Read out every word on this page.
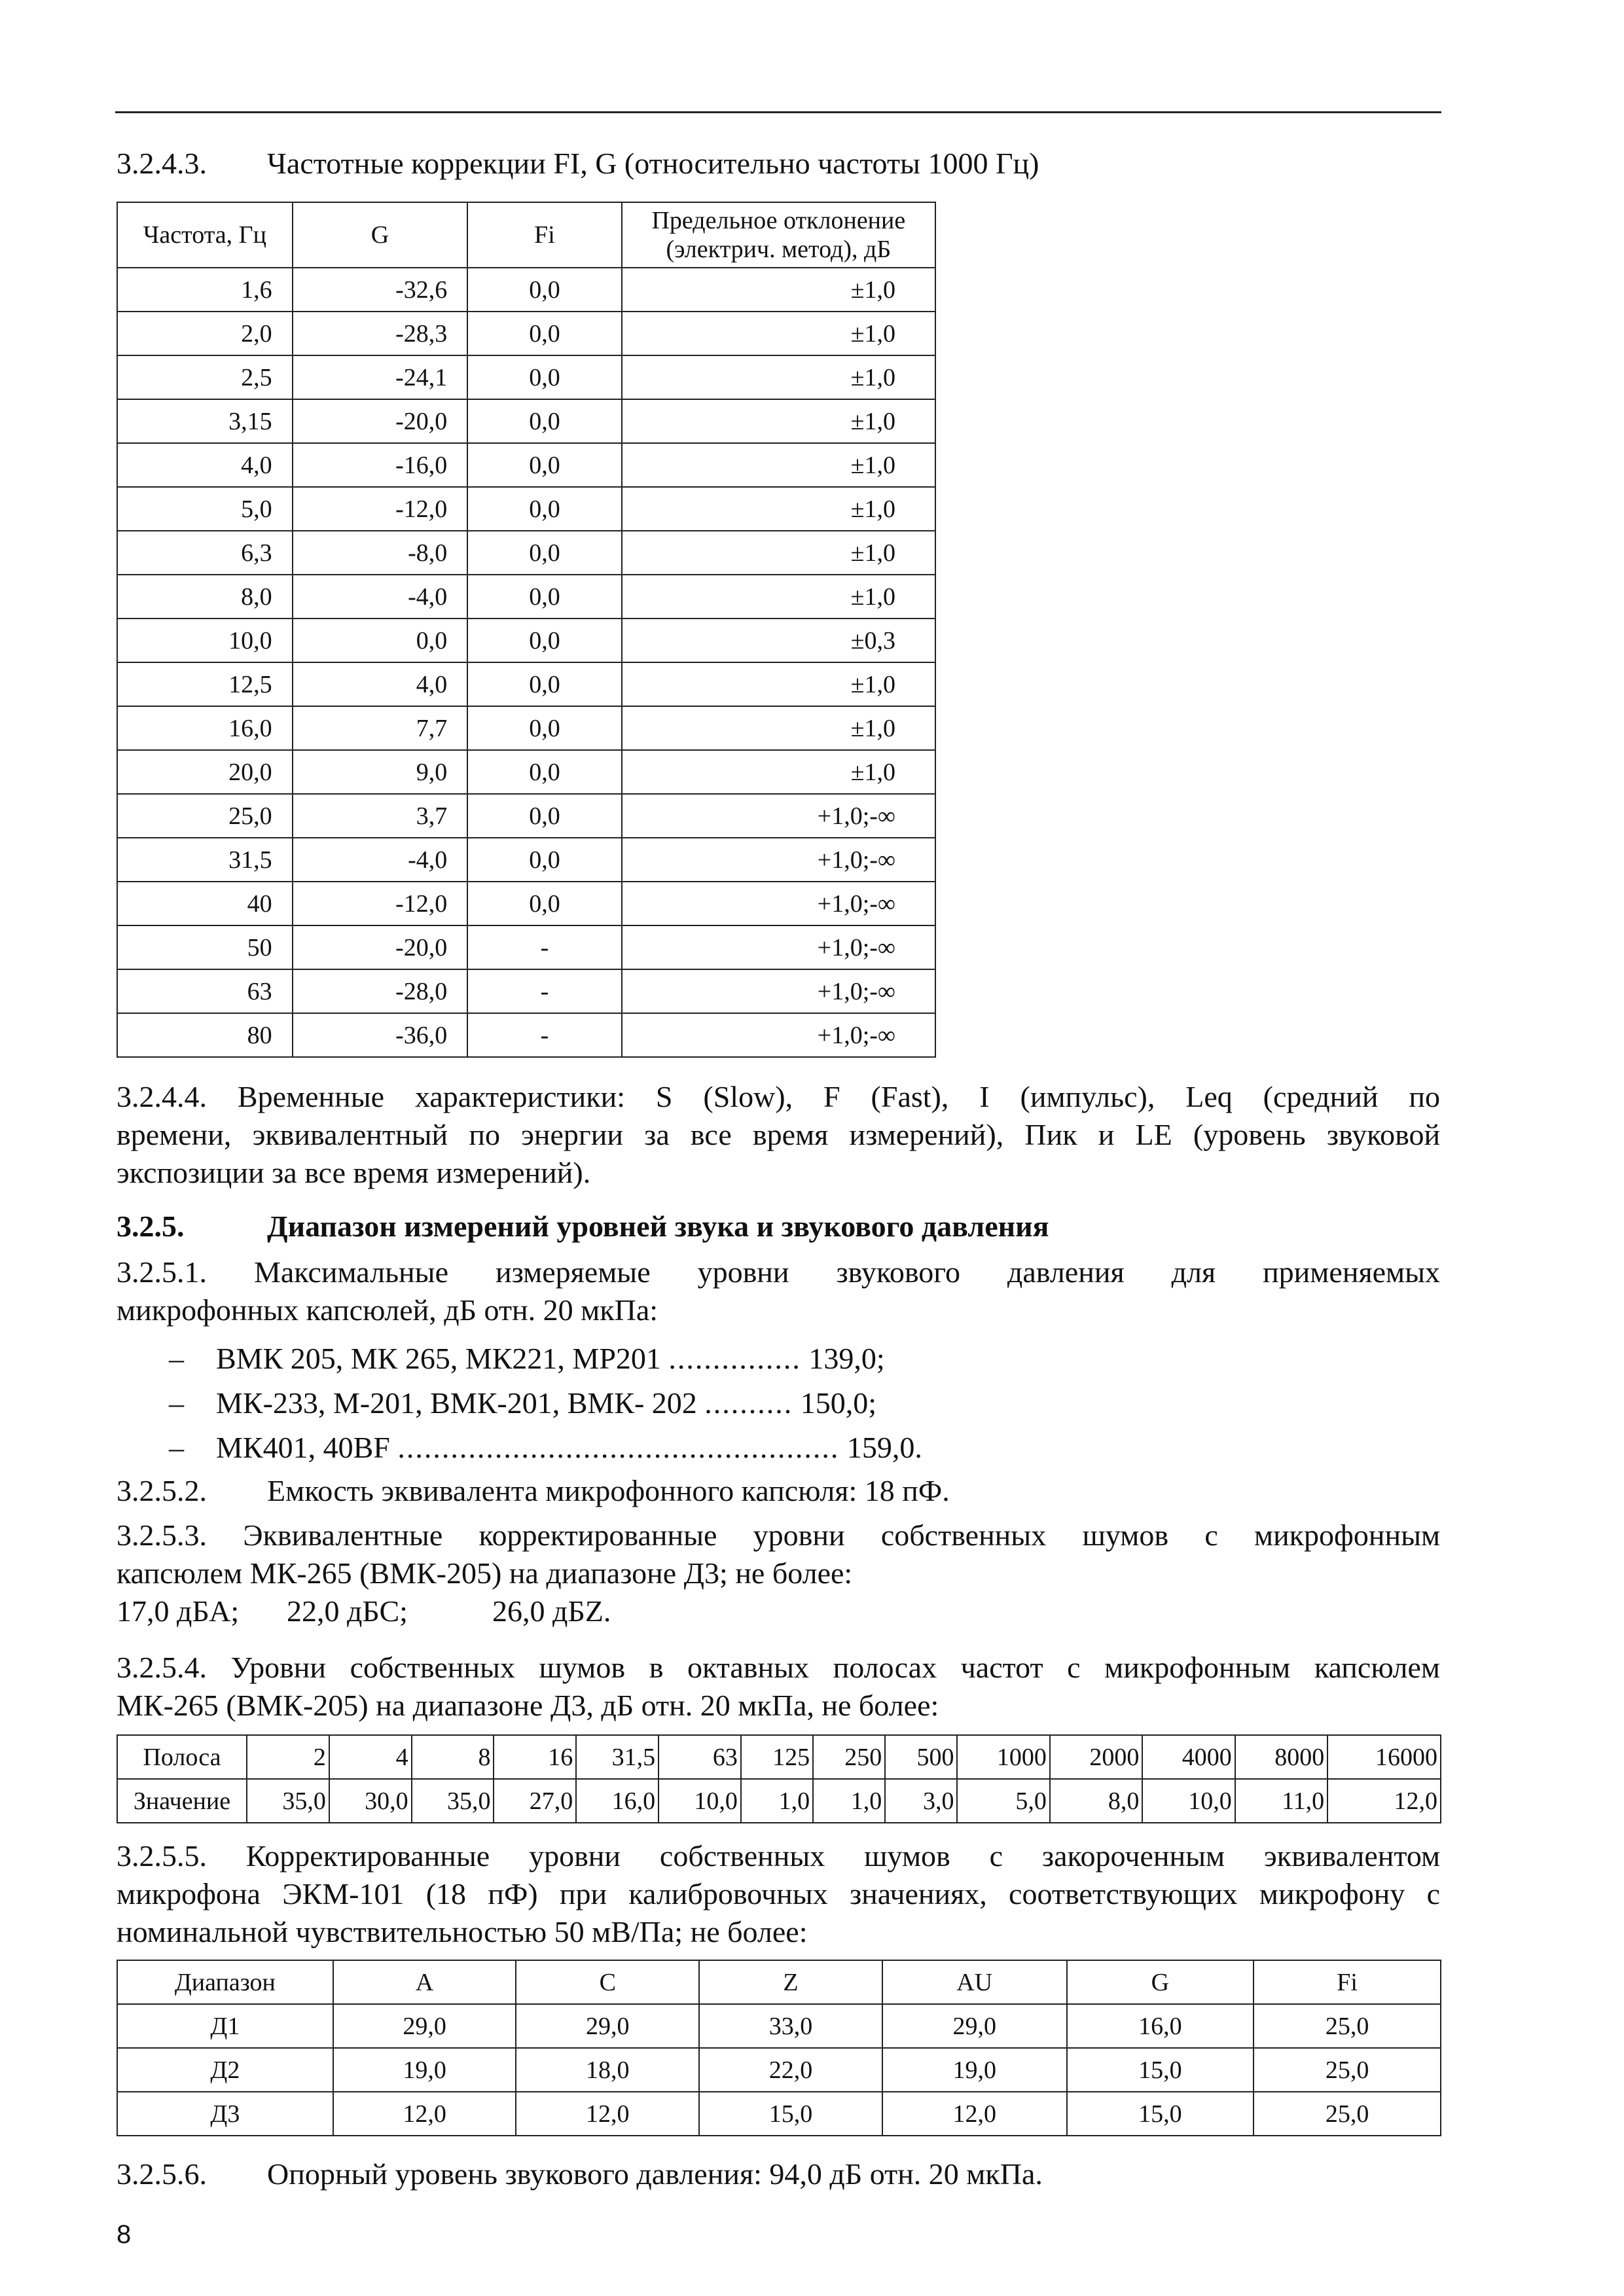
3.2.4.3. Частотные коррекции FI, G (относительно частоты 1000 Гц)
Частота, Гц	G	Fi	Предельное отклонение
(электрич. метод), дБ
1,6	-32,6	0,0	±1,0
2,0	-28,3	0,0	±1,0
2,5	-24,1	0,0	±1,0
3,15	-20,0	0,0	±1,0
4,0	-16,0	0,0	±1,0
5,0	-12,0	0,0	±1,0
6,3	-8,0	0,0	±1,0
8,0	-4,0	0,0	±1,0
10,0	0,0	0,0	±0,3
12,5	4,0	0,0	±1,0
16,0	7,7	0,0	±1,0
20,0	9,0	0,0	±1,0
25,0	3,7	0,0	+1,0;-∞
31,5	-4,0	0,0	+1,0;-∞
40	-12,0	0,0	+1,0;-∞
50	-20,0	-	+1,0;-∞
63	-28,0	-	+1,0;-∞
80	-36,0	-	+1,0;-∞
3.2.4.4. Временные характеристики: S (Slow), F (Fast), I (импульс), Leq (средний по
времени, эквивалентный по энергии за все время измерений), Пик и LE (уровень звуковой
экспозиции за все время измерений).
3.2.5.	Диапазон измерений уровней звука и звукового давления
3.2.5.1. Максимальные измеряемые уровни звукового давления для применяемых
микрофонных капсюлей, дБ отн. 20 мкПа:
– ВМК 205, МК 265, МК221, МР201 ............... 139,0;
– МК-233, М-201, ВМК-201, ВМК- 202 .......... 150,0;
– МК401, 40BF .................................................. 159,0.
3.2.5.2. Емкость эквивалента микрофонного капсюля: 18 пФ.
3.2.5.3. Эквивалентные корректированные уровни собственных шумов с микрофонным
капсюлем МК-265 (ВМК-205) на диапазоне Д3; не более:
17,0 дБА; 22,0 дБС;	26,0 дБZ.
3.2.5.4. Уровни собственных шумов в октавных полосах частот с микрофонным капсюлем
МК-265 (ВМК-205) на диапазоне Д3, дБ отн. 20 мкПа, не более:
Полоса	2	4	8	16	31,5	63	125	250	500	1000	2000	4000	8000	16000
Значение	35,0	30,0	35,0	27,0	16,0	10,0	1,0	1,0	3,0	5,0	8,0	10,0	11,0	12,0
3.2.5.5. Корректированные уровни собственных шумов с закороченным эквивалентом
микрофона ЭКМ-101 (18 пФ) при калибровочных значениях, соответствующих микрофону с
номинальной чувствительностью 50 мВ/Па; не более:
Диапазон	A	C	Z	AU	G	Fi
Д1	29,0	29,0	33,0	29,0	16,0	25,0
Д2	19,0	18,0	22,0	19,0	15,0	25,0
Д3	12,0	12,0	15,0	12,0	15,0	25,0
3.2.5.6. Опорный уровень звукового давления: 94,0 дБ отн. 20 мкПа.
8
